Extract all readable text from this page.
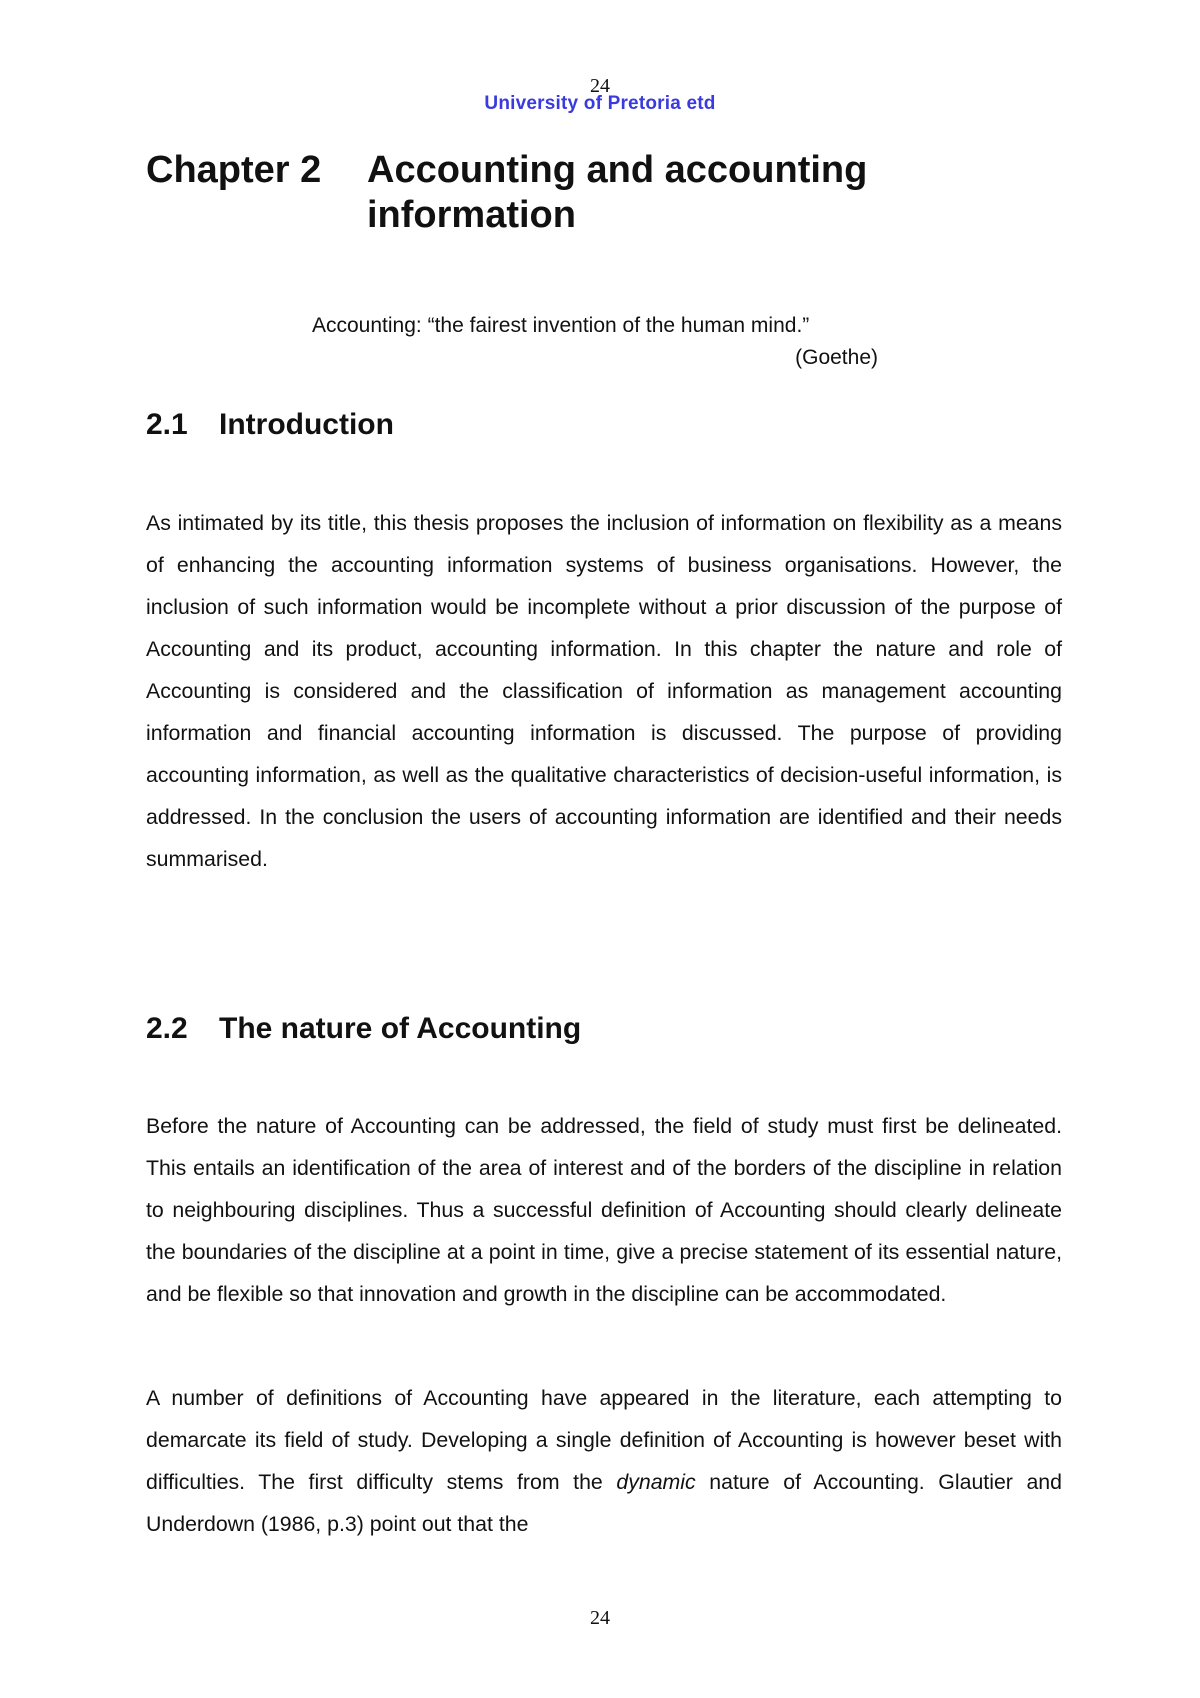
24
University of Pretoria etd
Chapter 2 Accounting and accounting information
Accounting: “the fairest invention of the human mind.”
(Goethe)
2.1 Introduction

As intimated by its title, this thesis proposes the inclusion of information on flexibility as a means of enhancing the accounting information systems of business organisations. However, the inclusion of such information would be incomplete without a prior discussion of the purpose of Accounting and its product, accounting information. In this chapter the nature and role of Accounting is considered and the classification of information as management accounting information and financial accounting information is discussed. The purpose of providing accounting information, as well as the qualitative characteristics of decision-useful information, is addressed. In the conclusion the users of accounting information are identified and their needs summarised.

2.2 The nature of Accounting

Before the nature of Accounting can be addressed, the field of study must first be delineated. This entails an identification of the area of interest and of the borders of the discipline in relation to neighbouring disciplines. Thus a successful definition of Accounting should clearly delineate the boundaries of the discipline at a point in time, give a precise statement of its essential nature, and be flexible so that innovation and growth in the discipline can be accommodated.

A number of definitions of Accounting have appeared in the literature, each attempting to demarcate its field of study. Developing a single definition of Accounting is however beset with difficulties. The first difficulty stems from the dynamic nature of Accounting. Glautier and Underdown (1986, p.3) point out that the

24
